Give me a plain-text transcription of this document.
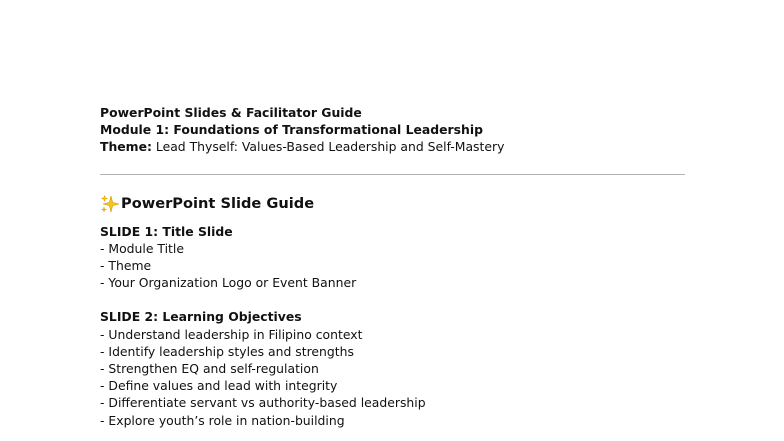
PowerPoint Slides & Facilitator Guide
Module 1: Foundations of Transformational Leadership
Theme: Lead Thyself: Values-Based Leadership and Self-Mastery
PowerPoint Slide Guide
SLIDE 1: Title Slide
- Module Title
- Theme
- Your Organization Logo or Event Banner
SLIDE 2: Learning Objectives
- Understand leadership in Filipino context
- Identify leadership styles and strengths
- Strengthen EQ and self-regulation
- Define values and lead with integrity
- Differentiate servant vs authority-based leadership
- Explore youth’s role in nation-building
